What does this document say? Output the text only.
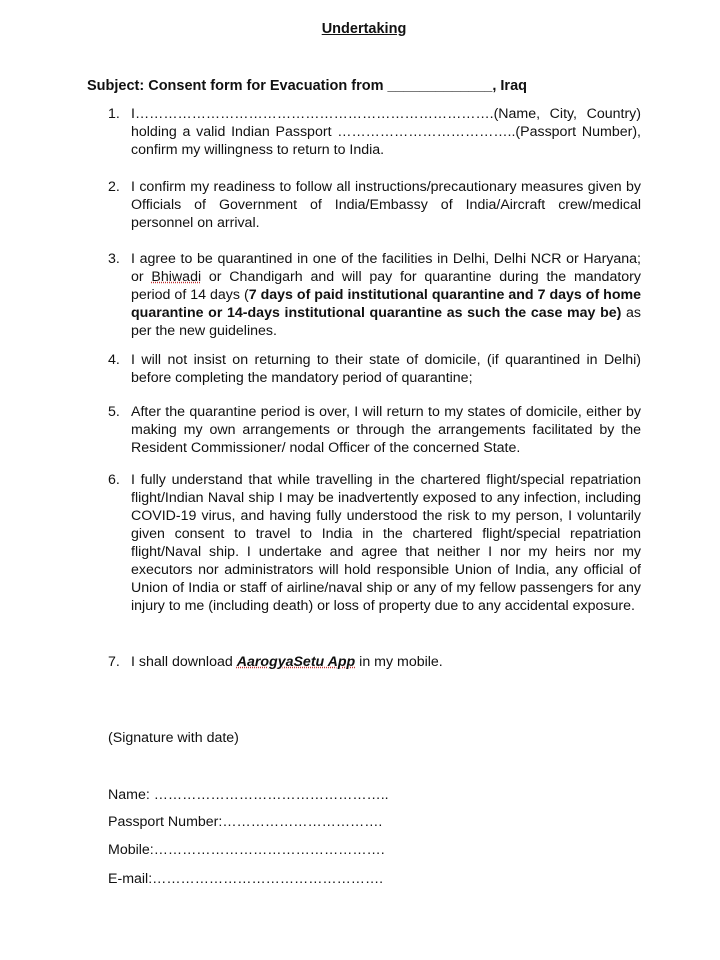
Undertaking
Subject: Consent form for Evacuation from _____________, Iraq
1. I………………………………………………………………….(Name, City, Country) holding a valid Indian Passport ………………………………..(Passport Number), confirm my willingness to return to India.
2. I confirm my readiness to follow all instructions/precautionary measures given by Officials of Government of India/Embassy of India/Aircraft crew/medical personnel on arrival.
3. I agree to be quarantined in one of the facilities in Delhi, Delhi NCR or Haryana; or Bhiwadi or Chandigarh and will pay for quarantine during the mandatory period of 14 days (7 days of paid institutional quarantine and 7 days of home quarantine or 14-days institutional quarantine as such the case may be) as per the new guidelines.
4. I will not insist on returning to their state of domicile, (if quarantined in Delhi) before completing the mandatory period of quarantine;
5. After the quarantine period is over, I will return to my states of domicile, either by making my own arrangements or through the arrangements facilitated by the Resident Commissioner/ nodal Officer of the concerned State.
6. I fully understand that while travelling in the chartered flight/special repatriation flight/Indian Naval ship I may be inadvertently exposed to any infection, including COVID-19 virus, and having fully understood the risk to my person, I voluntarily given consent to travel to India in the chartered flight/special repatriation flight/Naval ship. I undertake and agree that neither I nor my heirs nor my executors nor administrators will hold responsible Union of India, any official of Union of India or staff of airline/naval ship or any of my fellow passengers for any injury to me (including death) or loss of property due to any accidental exposure.
7. I shall download AarogyaSetu App in my mobile.
(Signature with date)
Name: …………………………………………..
Passport Number:…………………………….
Mobile:………………………………………….
E-mail:………………………………………….
